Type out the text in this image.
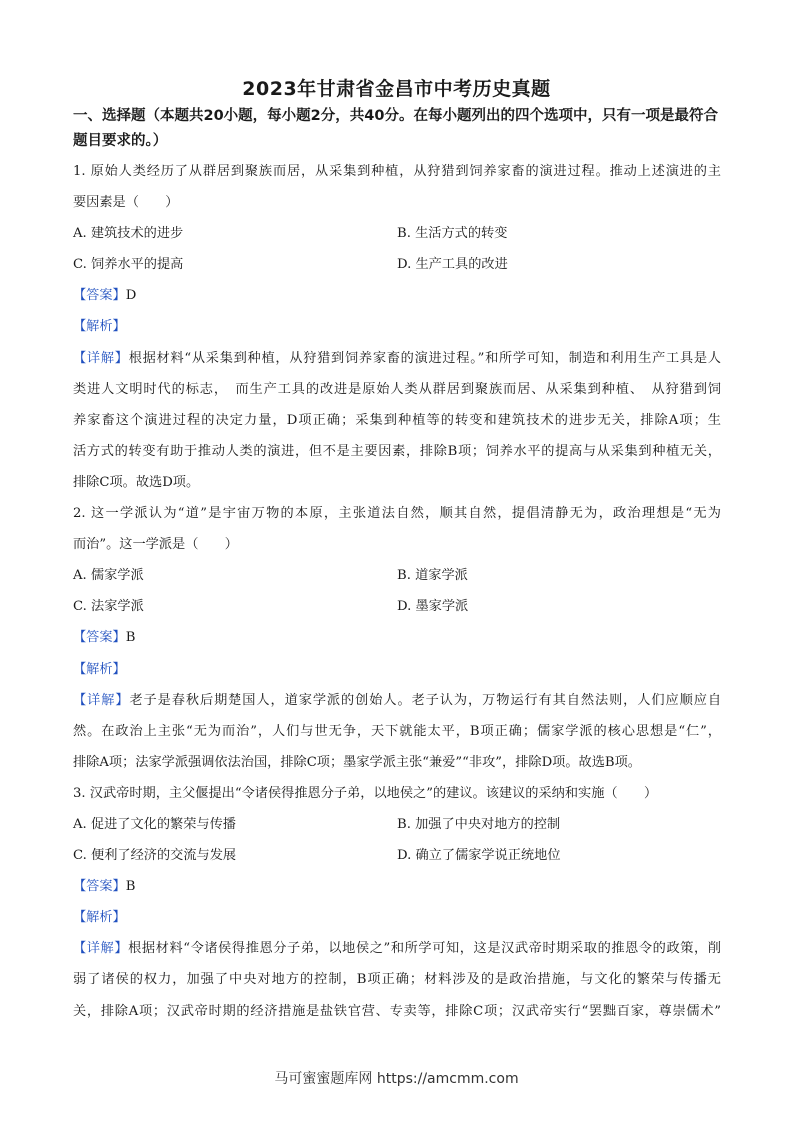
2023年甘肃省金昌市中考历史真题
一、选择题（本题共20小题，每小题2分，共40分。在每小题列出的四个选项中，只有一项是最符合题目要求的。）
1. 原始人类经历了从群居到聚族而居，从采集到种植，从狩猎到饲养家畜的演进过程。推动上述演进的主
要因素是（　　）
A. 建筑技术的进步	B. 生活方式的转变
C. 饲养水平的提高	D. 生产工具的改进
【答案】D
【解析】
【详解】根据材料“从采集到种植，从狩猎到饲养家畜的演进过程。”和所学可知，制造和利用生产工具是人
类进人文明时代的标志，　而生产工具的改进是原始人类从群居到聚族而居、从采集到种植、　从狩猎到饲
养家畜这个演进过程的决定力量，D项正确；采集到种植等的转变和建筑技术的进步无关，排除A项；生
活方式的转变有助于推动人类的演进，但不是主要因素，排除B项；饲养水平的提高与从采集到种植无关，
排除C项。故选D项。
2. 这一学派认为“道”是宇宙万物的本原，主张道法自然，顺其自然，提倡清静无为，政治理想是“无为
而治”。这一学派是（　　）
A. 儒家学派	B. 道家学派
C. 法家学派	D. 墨家学派
【答案】B
【解析】
【详解】老子是春秋后期楚国人，道家学派的创始人。老子认为，万物运行有其自然法则，人们应顺应自
然。在政治上主张“无为而治”，人们与世无争，天下就能太平，B项正确；儒家学派的核心思想是“仁”，
排除A项；法家学派强调依法治国，排除C项；墨家学派主张“兼爱”“非攻”，排除D项。故选B项。
3. 汉武帝时期，主父偃提出“令诸侯得推恩分子弟，以地侯之”的建议。该建议的采纳和实施（　　）
A. 促进了文化的繁荣与传播	B. 加强了中央对地方的控制
C. 便利了经济的交流与发展	D. 确立了儒家学说正统地位
【答案】B
【解析】
【详解】根据材料“令诸侯得推恩分子弟，以地侯之”和所学可知，这是汉武帝时期采取的推恩令的政策，削
弱了诸侯的权力，加强了中央对地方的控制，B项正确；材料涉及的是政治措施，与文化的繁荣与传播无
关，排除A项；汉武帝时期的经济措施是盐铁官营、专卖等，排除C项；汉武帝实行“罢黜百家，尊崇儒术”
马可蜜蜜题库网 https://amcmm.com
